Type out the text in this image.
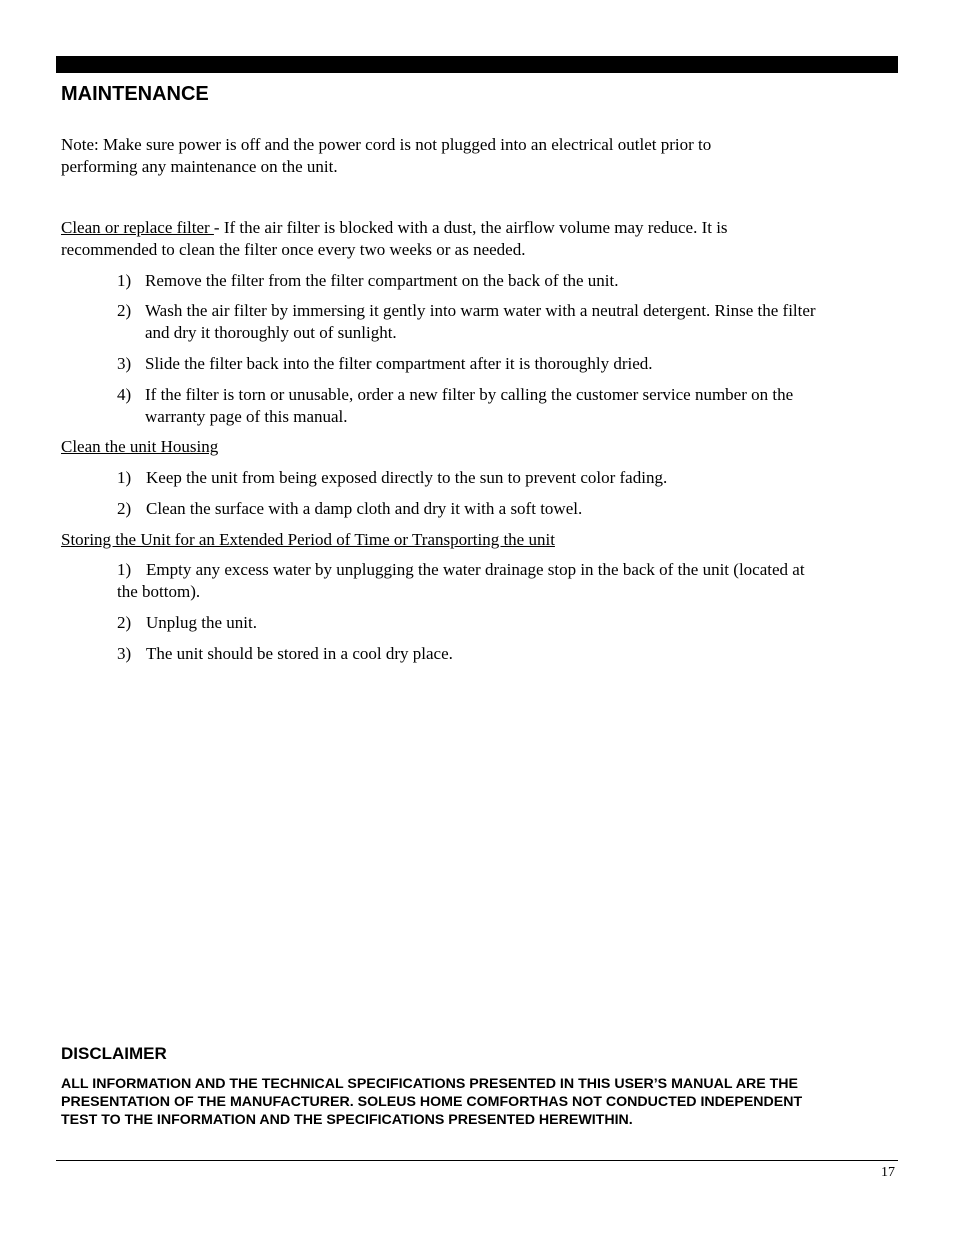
MAINTENANCE

Note: Make sure power is off and the power cord is not plugged into an electrical outlet prior to

performing any maintenance on the unit.

Clean or replace filter - If the air filter is blocked with a dust, the airflow volume may reduce. It is

recommended to clean the filter once every two weeks or as needed.

1) Remove the filter from the filter compartment on the back of the unit.
2) Wash the air filter by immersing it gently into warm water with a neutral detergent. Rinse the filter
and dry it thoroughly out of sunlight.
3) Slide the filter back into the filter compartment after it is thoroughly dried.
4) If the filter is torn or unusable, order a new filter by calling the customer service number on the
warranty page of this manual.

Clean the unit Housing

1) Keep the unit from being exposed directly to the sun to prevent color fading.
2) Clean the surface with a damp cloth and dry it with a soft towel.

Storing the Unit for an Extended Period of Time or Transporting the unit

1) Empty any excess water by unplugging the water drainage stop in the back of the unit (located at
the bottom).
2) Unplug the unit.
3) The unit should be stored in a cool dry place.
DISCLAIMER
ALL INFORMATION AND THE TECHNICAL SPECIFICATIONS PRESENTED IN THIS USER’S MANUAL ARE THE
PRESENTATION OF THE MANUFACTURER. SOLEUS HOME COMFORTHAS NOT CONDUCTED INDEPENDENT
TEST TO THE INFORMATION AND THE SPECIFICATIONS PRESENTED HEREWITHIN.
17
